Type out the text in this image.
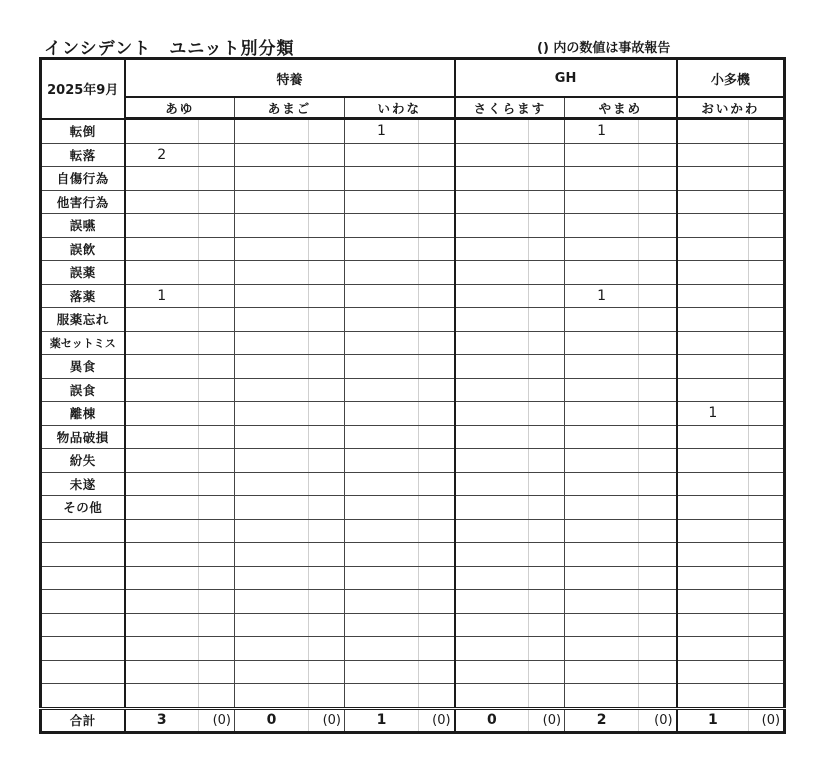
インシデント　ユニット別分類	() 内の数値は事故報告
2025年9月	特養						GH				小多機	
	あゆ		あまご		いわな		さくらます		やまめ		おいかわ	
転倒					1				1			
転落	2											
自傷行為												
他害行為												
誤嚥												
誤飲												
誤薬												
落薬	1								1			
服薬忘れ												
薬セットミス												
異食												
誤食												
離棟											1	
物品破損												
紛失												
未遂												
その他												

合計	3	(0)	0	(0)	1	(0)	0	(0)	2	(0)	1	(0)
